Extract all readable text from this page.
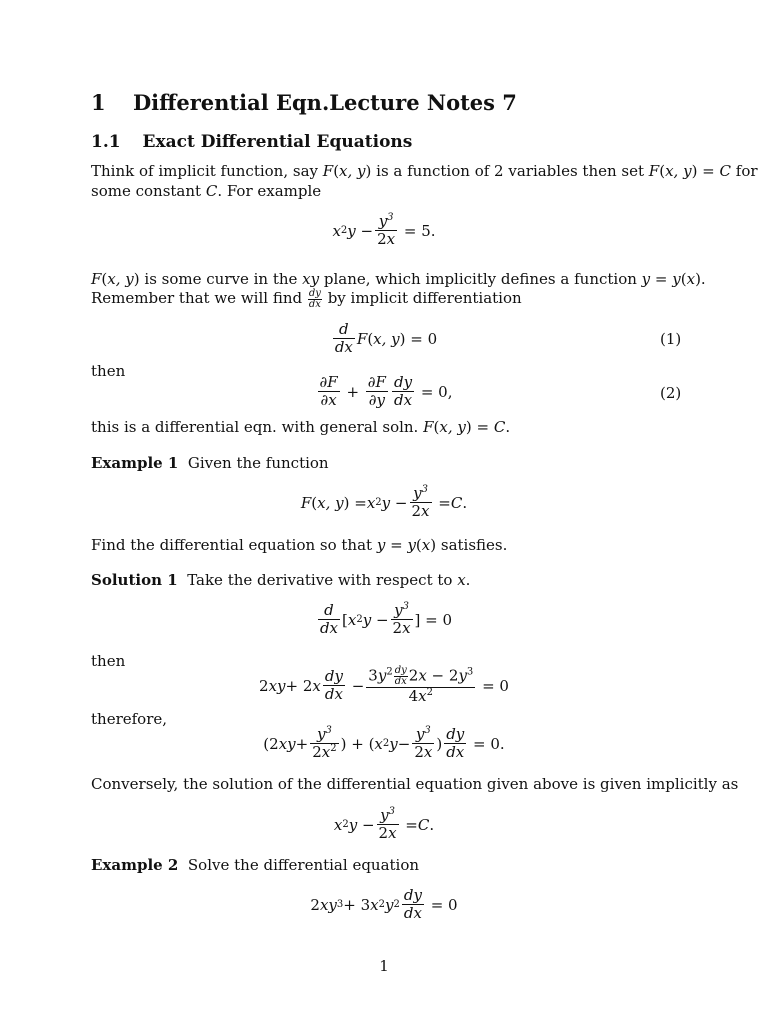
1 Differential Eqn.Lecture Notes 7
1.1 Exact Differential Equations
Think of implicit function, say F(x, y) is a function of 2 variables then set F(x, y) = C for
some constant C. For example
x 2 $y - \frac{y^3}{2x} = 5$.
F(x, y) is some curve in the xy plane, which implicitly defines a function y = y(x).
Remember that we will find $\frac{dy}{dx}$ by implicit differentiation
$\frac{d}{dx}$ F ( x, y ) = 0	(1)
then
$\frac{\partial F}{\partial x} + \frac{\partial F}{\partial y} \frac{dy}{dx} = 0$,	(2)
this is a differential eqn. with general soln. F(x, y) = C.
Example 1 Given the function
F ( x, y ) = x 2 $y - \frac{y^3}{2x} = C$ .
Find the differential equation so that y = y(x) satisfies.
Solution 1 Take the derivative with respect to x.
$\frac{d}{dx}$ [ x 2 $y - \frac{y^3}{2x}$ ] = 0
then
2 xy + 2 x $\frac{dy}{dx} - \frac{3y^2 \frac{dy}{dx} 2x - 2y^3}{4x^2} = 0$
therefore,
(2 xy + $\frac{y^3}{2x^2}$ ) + ( x 2 $y - \frac{y^3}{2x}$ ) $\frac{dy}{dx} = 0$.
Conversely, the solution of the differential equation given above is given implicitly as
x 2 $y - \frac{y^3}{2x} = C$ .
Example 2 Solve the differential equation
2 xy 3 + 3 x 2 y $2 \frac{dy}{dx} = 0$
1
